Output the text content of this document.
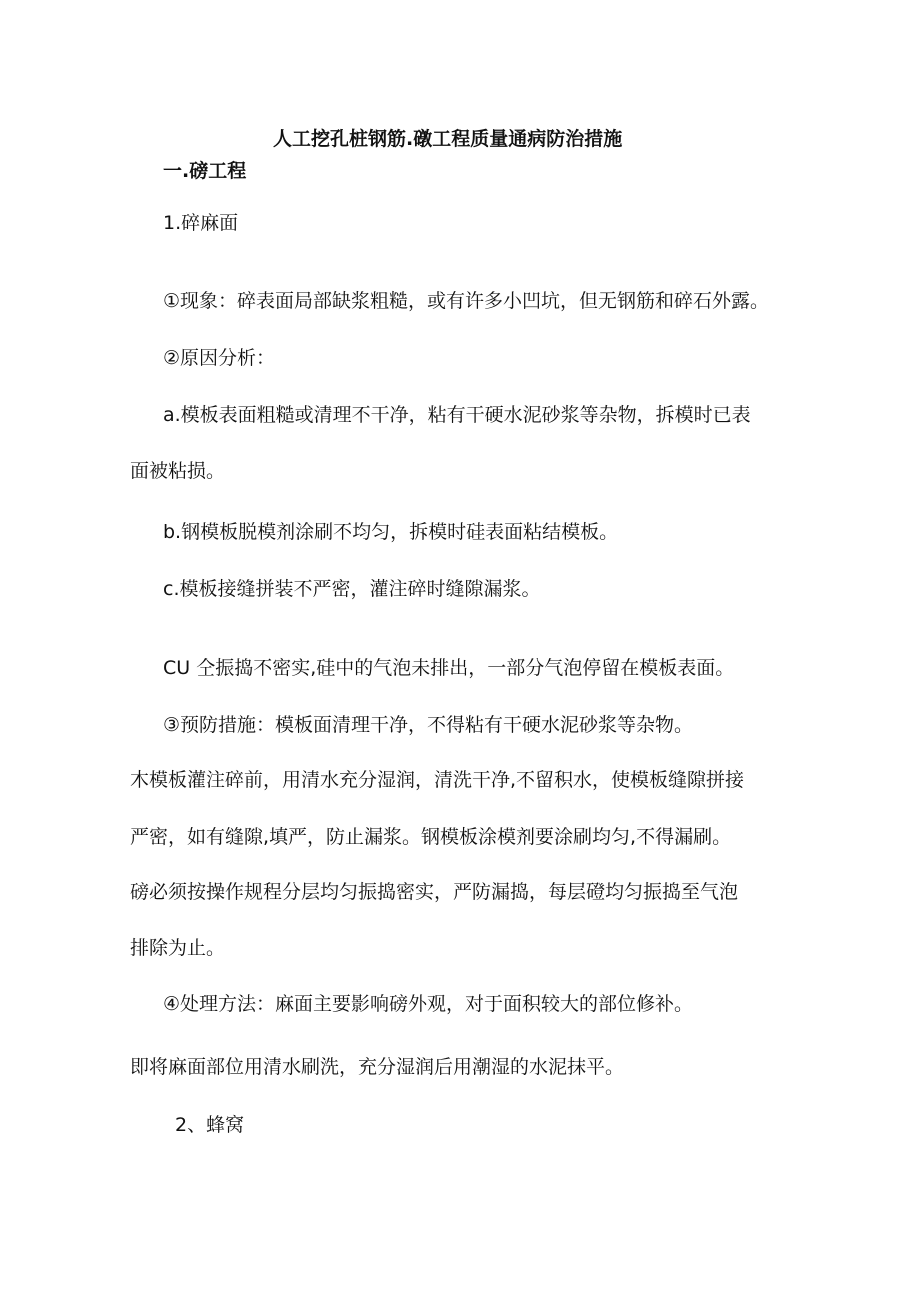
人工挖孔桩钢筋.礅工程质量通病防治措施
一.磅工程
1.碎麻面
①现象：碎表面局部缺浆粗糙，或有许多小凹坑，但无钢筋和碎石外露。
②原因分析：
a.模板表面粗糙或清理不干净，粘有干硬水泥砂浆等杂物，拆模时已表
面被粘损。
b.钢模板脱模剂涂刷不均匀，拆模时硅表面粘结模板。
c.模板接缝拼装不严密，灌注碎时缝隙漏浆。
CU 仝振捣不密实,硅中的气泡未排出，一部分气泡停留在模板表面。
③预防措施：模板面清理干净，不得粘有干硬水泥砂浆等杂物。
木模板灌注碎前，用清水充分湿润，清洗干净,不留积水，使模板缝隙拼接
严密，如有缝隙,填严，防止漏浆。钢模板涂模剂要涂刷均匀,不得漏刷。
磅必须按操作规程分层均匀振捣密实，严防漏捣，每层磴均匀振捣至气泡
排除为止。
④处理方法：麻面主要影响磅外观，对于面积较大的部位修补。
即将麻面部位用清水刷洗，充分湿润后用潮湿的水泥抹平。
2、蜂窝
